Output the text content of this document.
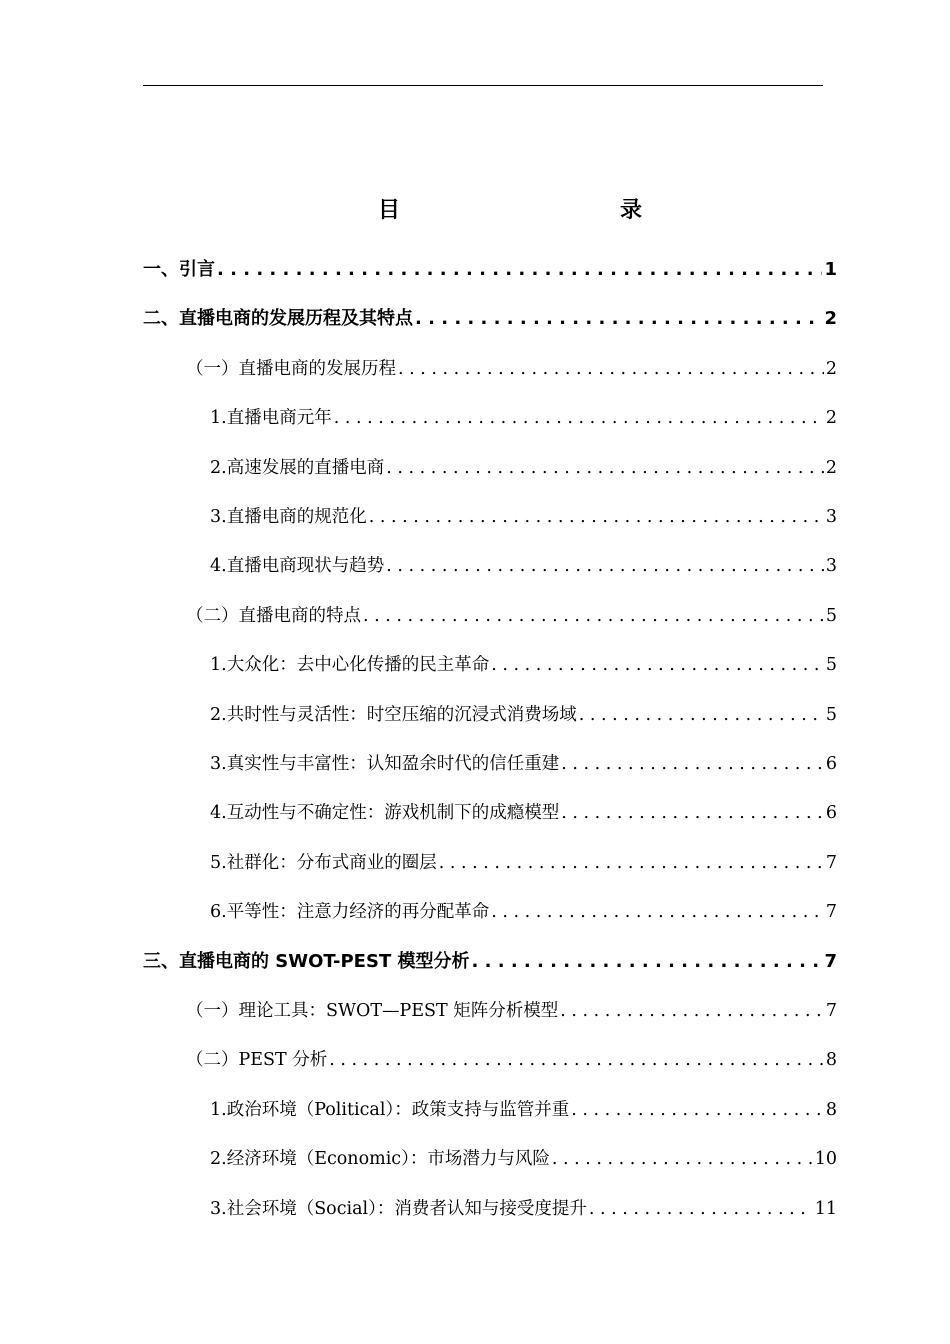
目	录
一、引言 . . .	1
二、直播电商的发展历程及其特点 . . .	2
（一）直播电商的发展历程 . . .	2
1.直播电商元年 . . .	2
2.高速发展的直播电商 . . .	2
3.直播电商的规范化 . . .	3
4.直播电商现状与趋势 . . .	3
（二）直播电商的特点 . . .	5
1.大众化：去中心化传播的民主革命 . . .	5
2.共时性与灵活性：时空压缩的沉浸式消费场域 . . .	5
3.真实性与丰富性：认知盈余时代的信任重建 . . .	6
4.互动性与不确定性：游戏机制下的成瘾模型 . . .	6
5.社群化：分布式商业的圈层 . . .	7
6.平等性：注意力经济的再分配革命 . . .	7
三、直播电商的 SWOT-PEST 模型分析 . . .	7
（一）理论工具：SWOT—PEST 矩阵分析模型 . . .	7
（二）PEST 分析 . . .	8
1.政治环境（Political）：政策支持与监管并重 . . .	8
2.经济环境（Economic）：市场潜力与风险 . . .	10
3.社会环境（Social）：消费者认知与接受度提升 . . .	11
